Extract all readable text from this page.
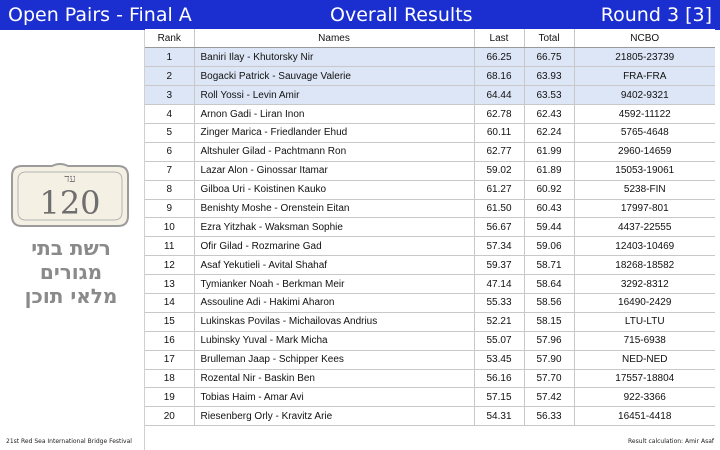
Open Pairs - Final A	Overall Results	Round 3 [3]
עד
120
רשת בתי מגורים
מלאי תוכן
Rank	Names	Last	Total	NCBO
1	Baniri Ilay - Khutorsky Nir	66.25	66.75	21805-23739
2	Bogacki Patrick - Sauvage Valerie	68.16	63.93	FRA-FRA
3	Roll Yossi - Levin Amir	64.44	63.53	9402-9321
4	Arnon Gadi - Liran Inon	62.78	62.43	4592-11122
5	Zinger Marica - Friedlander Ehud	60.11	62.24	5765-4648
6	Altshuler Gilad - Pachtmann Ron	62.77	61.99	2960-14659
7	Lazar Alon - Ginossar Itamar	59.02	61.89	15053-19061
8	Gilboa Uri - Koistinen Kauko	61.27	60.92	5238-FIN
9	Benishty Moshe - Orenstein Eitan	61.50	60.43	17997-801
10	Ezra Yitzhak - Waksman Sophie	56.67	59.44	4437-22555
11	Ofir Gilad - Rozmarine Gad	57.34	59.06	12403-10469
12	Asaf Yekutieli - Avital Shahaf	59.37	58.71	18268-18582
13	Tymianker Noah - Berkman Meir	47.14	58.64	3292-8312
14	Assouline Adi - Hakimi Aharon	55.33	58.56	16490-2429
15	Lukinskas Povilas - Michailovas Andrius	52.21	58.15	LTU-LTU
16	Lubinsky Yuval - Mark Micha	55.07	57.96	715-6938
17	Brulleman Jaap - Schipper Kees	53.45	57.90	NED-NED
18	Rozental Nir - Baskin Ben	56.16	57.70	17557-18804
19	Tobias Haim - Amar Avi	57.15	57.42	922-3366
20	Riesenberg Orly - Kravitz Arie	54.31	56.33	16451-4418
21st Red Sea International Bridge Festival	Result calculation: Amir Asaf
